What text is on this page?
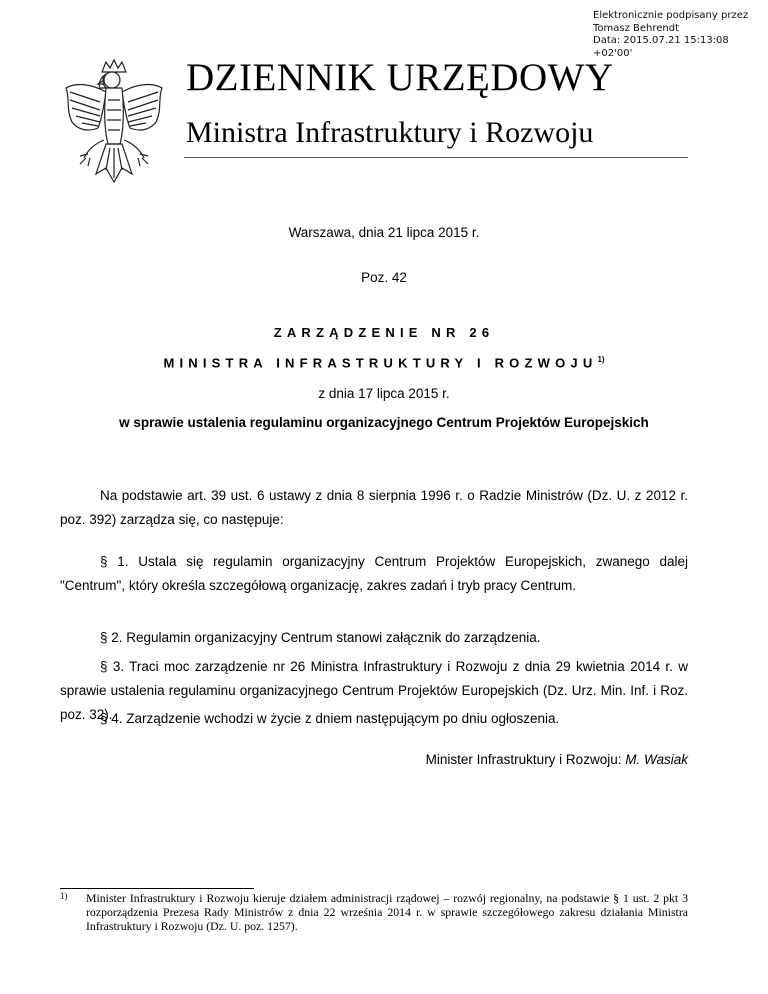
Elektronicznie podpisany przez
Tomasz Behrendt
Data: 2015.07.21 15:13:08 +02'00'
DZIENNIK URZĘDOWY
Ministra Infrastruktury i Rozwoju
Warszawa, dnia 21 lipca 2015 r.
Poz. 42
ZARZĄDZENIE NR 26
MINISTRA INFRASTRUKTURY I ROZWOJU$^{1)}$
z dnia 17 lipca 2015 r.
w sprawie ustalenia regulaminu organizacyjnego Centrum Projektów Europejskich
Na podstawie art. 39 ust. 6 ustawy z dnia 8 sierpnia 1996 r. o Radzie Ministrów (Dz. U. z 2012 r. poz. 392) zarządza się, co następuje:
§ 1. Ustala się regulamin organizacyjny Centrum Projektów Europejskich, zwanego dalej "Centrum", który określa szczegółową organizację, zakres zadań i tryb pracy Centrum.
§ 2. Regulamin organizacyjny Centrum stanowi załącznik do zarządzenia.
§ 3. Traci moc zarządzenie nr 26 Ministra Infrastruktury i Rozwoju z dnia 29 kwietnia 2014 r. w sprawie ustalenia regulaminu organizacyjnego Centrum Projektów Europejskich (Dz. Urz. Min. Inf. i Roz. poz. 32).
§ 4. Zarządzenie wchodzi w życie z dniem następującym po dniu ogłoszenia.
Minister Infrastruktury i Rozwoju: M. Wasiak
1) Minister Infrastruktury i Rozwoju kieruje działem administracji rządowej – rozwój regionalny, na podstawie § 1 ust. 2 pkt 3 rozporządzenia Prezesa Rady Ministrów z dnia 22 września 2014 r. w sprawie szczegółowego zakresu działania Ministra Infrastruktury i Rozwoju (Dz. U. poz. 1257).
